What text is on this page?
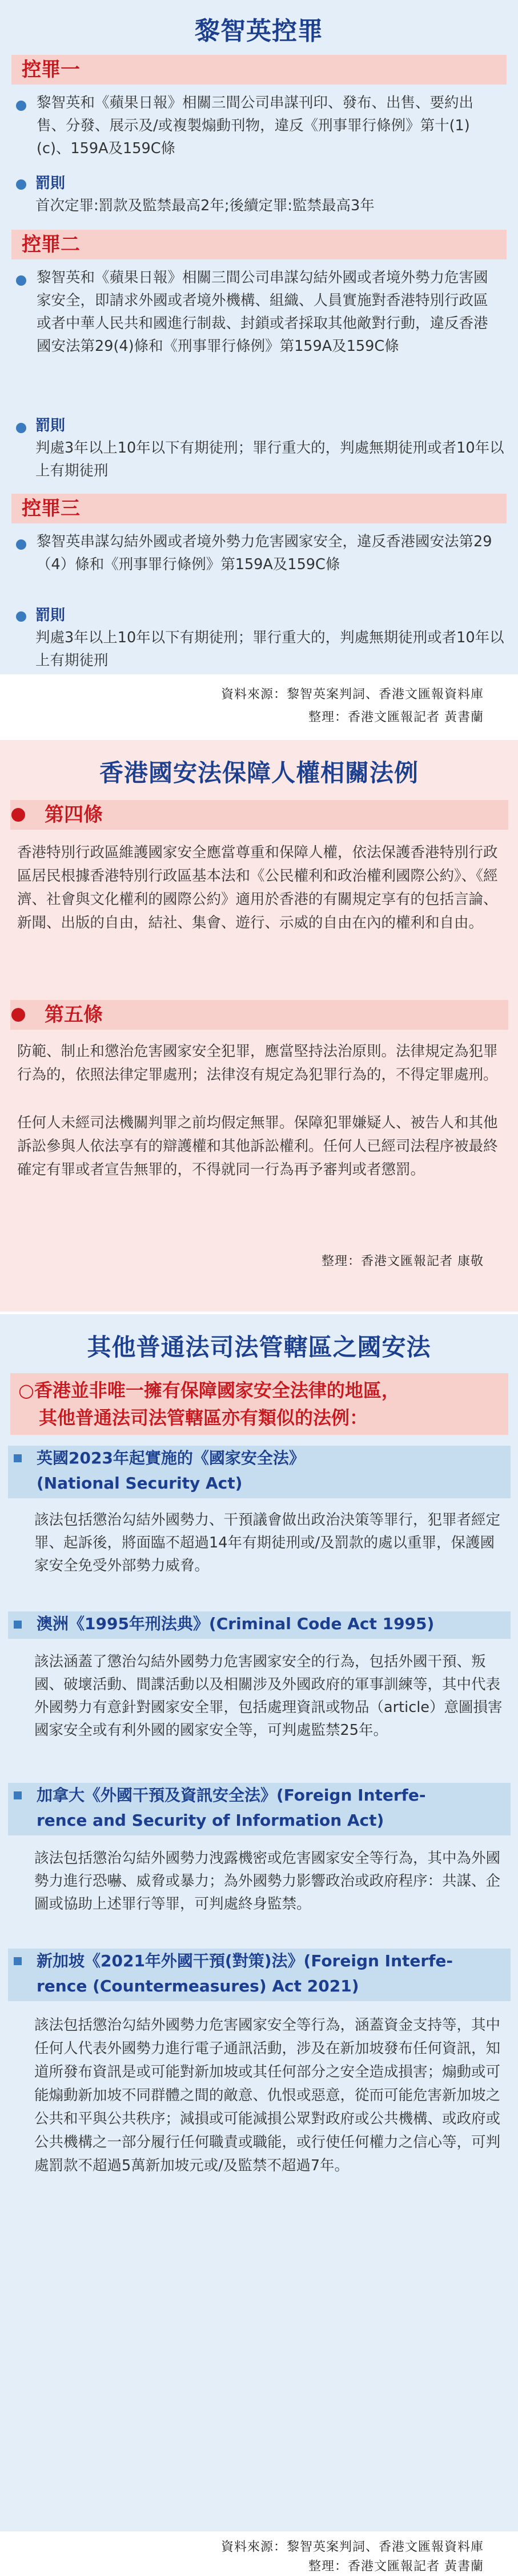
黎智英控罪
控罪一
黎智英和《蘋果日報》相關三間公司串謀刊印、發布、出售、要約出售、分發、展示及/或複製煽動刊物，違反《刑事罪行條例》第十(1)(c)、159A及159C條
罰則
首次定罪:罰款及監禁最高2年;後續定罪:監禁最高3年
控罪二
黎智英和《蘋果日報》相關三間公司串謀勾結外國或者境外勢力危害國家安全，即請求外國或者境外機構、組織、人員實施對香港特別行政區或者中華人民共和國進行制裁、封鎖或者採取其他敵對行動，違反香港國安法第29(4)條和《刑事罪行條例》第159A及159C條
罰則
判處3年以上10年以下有期徒刑；罪行重大的，判處無期徒刑或者10年以上有期徒刑
控罪三
黎智英串謀勾結外國或者境外勢力危害國家安全，違反香港國安法第29（4）條和《刑事罪行條例》第159A及159C條
罰則
判處3年以上10年以下有期徒刑；罪行重大的，判處無期徒刑或者10年以上有期徒刑
資料來源：黎智英案判詞、香港文匯報資料庫
整理：香港文匯報記者 黃書蘭
香港國安法保障人權相關法例
第四條
香港特別行政區維護國家安全應當尊重和保障人權，依法保護香港特別行政區居民根據香港特別行政區基本法和《公民權利和政治權利國際公約》、《經濟、社會與文化權利的國際公約》適用於香港的有關規定享有的包括言論、新聞、出版的自由，結社、集會、遊行、示威的自由在內的權利和自由。
第五條
防範、制止和懲治危害國家安全犯罪，應當堅持法治原則。法律規定為犯罪行為的，依照法律定罪處刑；法律沒有規定為犯罪行為的，不得定罪處刑。
任何人未經司法機關判罪之前均假定無罪。保障犯罪嫌疑人、被告人和其他訴訟參與人依法享有的辯護權和其他訴訟權利。任何人已經司法程序被最終確定有罪或者宣告無罪的，不得就同一行為再予審判或者懲罰。
整理：香港文匯報記者 康敬
其他普通法司法管轄區之國安法
○香港並非唯一擁有保障國家安全法律的地區，
其他普通法司法管轄區亦有類似的法例：
英國2023年起實施的《國家安全法》
(National Security Act)
該法包括懲治勾結外國勢力、干預議會做出政治決策等罪行，犯罪者經定罪、起訴後，將面臨不超過14年有期徒刑或/及罰款的處以重罪，保護國家安全免受外部勢力威脅。
澳洲《1995年刑法典》(Criminal Code Act 1995)
該法涵蓋了懲治勾結外國勢力危害國家安全的行為，包括外國干預、叛國、破壞活動、間諜活動以及相關涉及外國政府的軍事訓練等，其中代表外國勢力有意針對國家安全罪，包括處理資訊或物品（article）意圖損害國家安全或有利外國的國家安全等，可判處監禁25年。
加拿大《外國干預及資訊安全法》(Foreign Interfe-
rence and Security of Information Act)
該法包括懲治勾結外國勢力洩露機密或危害國家安全等行為，其中為外國勢力進行恐嚇、威脅或暴力；為外國勢力影響政治或政府程序：共謀、企圖或協助上述罪行等罪，可判處終身監禁。
新加坡《2021年外國干預(對策)法》(Foreign Interfe-
rence (Countermeasures) Act 2021)
該法包括懲治勾結外國勢力危害國家安全等行為，涵蓋資金支持等，其中任何人代表外國勢力進行電子通訊活動，涉及在新加坡發布任何資訊，知道所發布資訊是或可能對新加坡或其任何部分之安全造成損害；煽動或可能煽動新加坡不同群體之間的敵意、仇恨或惡意，從而可能危害新加坡之公共和平與公共秩序；減損或可能減損公眾對政府或公共機構、或政府或公共機構之一部分履行任何職責或職能，或行使任何權力之信心等，可判處罰款不超過5萬新加坡元或/及監禁不超過7年。
資料來源：黎智英案判詞、香港文匯報資料庫
整理：香港文匯報記者 黃書蘭
